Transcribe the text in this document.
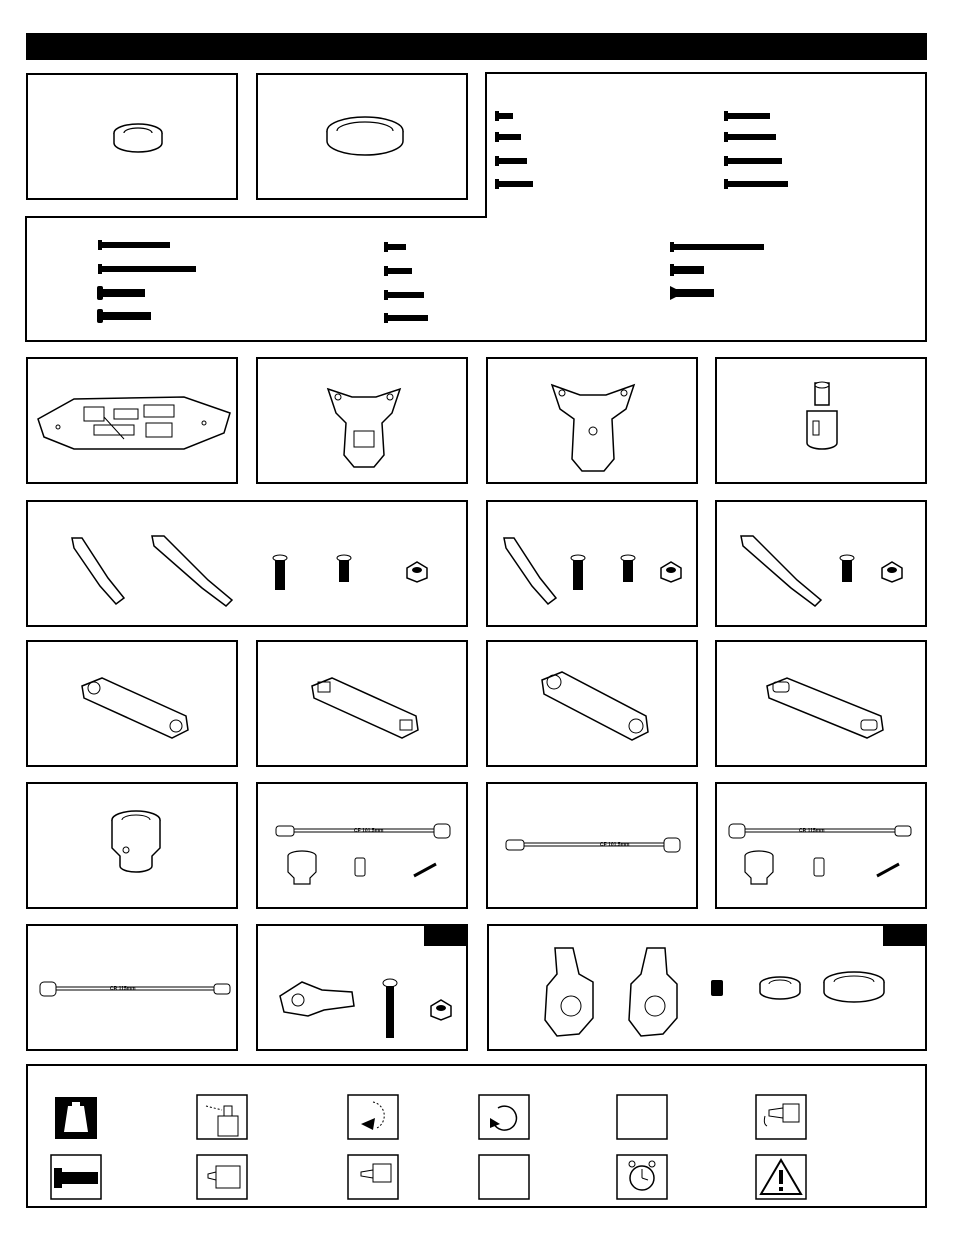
CF 101.5mm
CF 101.5mm
CR 115mm
CR 115mm
